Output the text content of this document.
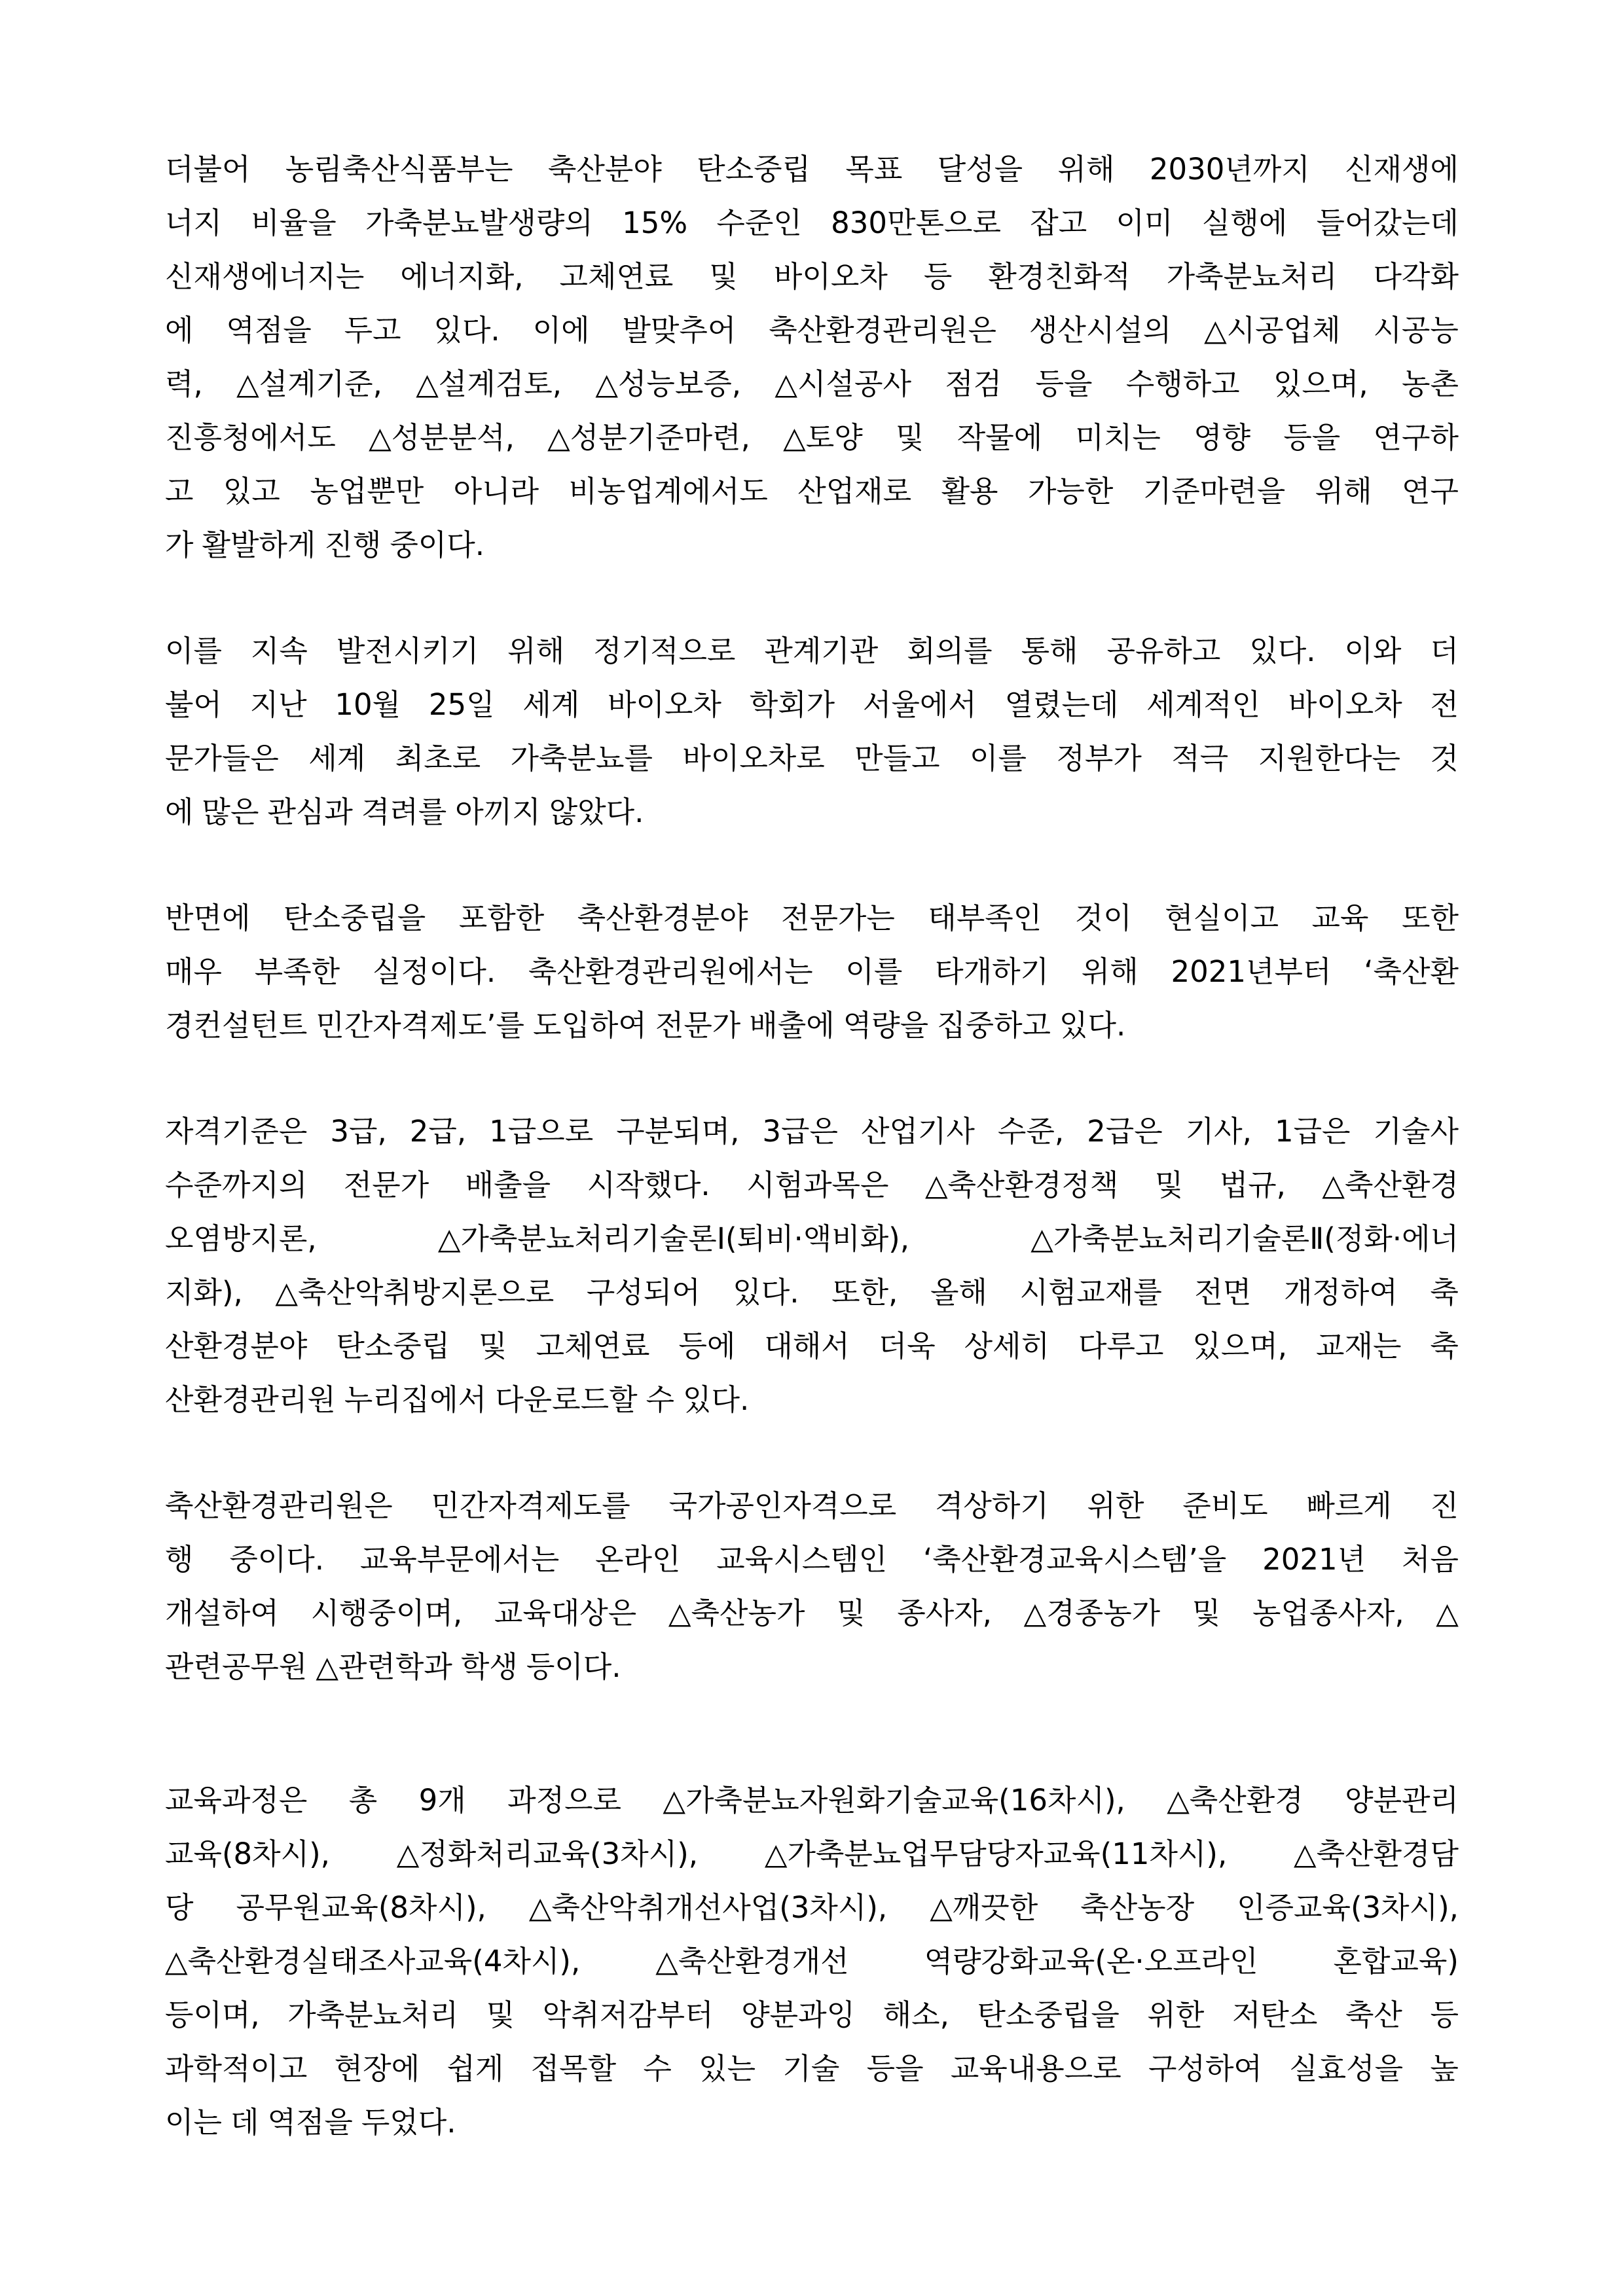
더불어 농림축산식품부는 축산분야 탄소중립 목표 달성을 위해 2030년까지 신재생에
너지 비율을 가축분뇨발생량의 15% 수준인 830만톤으로 잡고 이미 실행에 들어갔는데
신재생에너지는 에너지화, 고체연료 및 바이오차 등 환경친화적 가축분뇨처리 다각화
에 역점을 두고 있다. 이에 발맞추어 축산환경관리원은 생산시설의 △시공업체 시공능
력, △설계기준, △설계검토, △성능보증, △시설공사 점검 등을 수행하고 있으며, 농촌
진흥청에서도 △성분분석, △성분기준마련, △토양 및 작물에 미치는 영향 등을 연구하
고 있고 농업뿐만 아니라 비농업계에서도 산업재로 활용 가능한 기준마련을 위해 연구
가 활발하게 진행 중이다.

이를 지속 발전시키기 위해 정기적으로 관계기관 회의를 통해 공유하고 있다. 이와 더
불어 지난 10월 25일 세계 바이오차 학회가 서울에서 열렸는데 세계적인 바이오차 전
문가들은 세계 최초로 가축분뇨를 바이오차로 만들고 이를 정부가 적극 지원한다는 것
에 많은 관심과 격려를 아끼지 않았다.

반면에 탄소중립을 포함한 축산환경분야 전문가는 태부족인 것이 현실이고 교육 또한
매우 부족한 실정이다. 축산환경관리원에서는 이를 타개하기 위해 2021년부터 ‘축산환
경컨설턴트 민간자격제도’를 도입하여 전문가 배출에 역량을 집중하고 있다.

자격기준은 3급, 2급, 1급으로 구분되며, 3급은 산업기사 수준, 2급은 기사, 1급은 기술사
수준까지의 전문가 배출을 시작했다. 시험과목은 △축산환경정책 및 법규, △축산환경
오염방지론,	△가축분뇨처리기술론Ⅰ(퇴비·액비화),	△가축분뇨처리기술론Ⅱ(정화·에너
지화), △축산악취방지론으로 구성되어 있다. 또한, 올해 시험교재를 전면 개정하여 축
산환경분야 탄소중립 및 고체연료 등에 대해서 더욱 상세히 다루고 있으며, 교재는 축
산환경관리원 누리집에서 다운로드할 수 있다.

축산환경관리원은 민간자격제도를 국가공인자격으로 격상하기 위한 준비도 빠르게 진
행 중이다. 교육부문에서는 온라인 교육시스템인 ‘축산환경교육시스템’을 2021년 처음
개설하여 시행중이며, 교육대상은 △축산농가 및 종사자, △경종농가 및 농업종사자, △
관련공무원 △관련학과 학생 등이다.

교육과정은 총 9개 과정으로 △가축분뇨자원화기술교육(16차시), △축산환경 양분관리
교육(8차시), △정화처리교육(3차시), △가축분뇨업무담당자교육(11차시), △축산환경담
당 공무원교육(8차시), △축산악취개선사업(3차시), △깨끗한 축산농장 인증교육(3차시),
△축산환경실태조사교육(4차시),	△축산환경개선	역량강화교육(온·오프라인	혼합교육)
등이며, 가축분뇨처리 및 악취저감부터 양분과잉 해소, 탄소중립을 위한 저탄소 축산 등
과학적이고 현장에 쉽게 접목할 수 있는 기술 등을 교육내용으로 구성하여 실효성을 높
이는 데 역점을 두었다.
